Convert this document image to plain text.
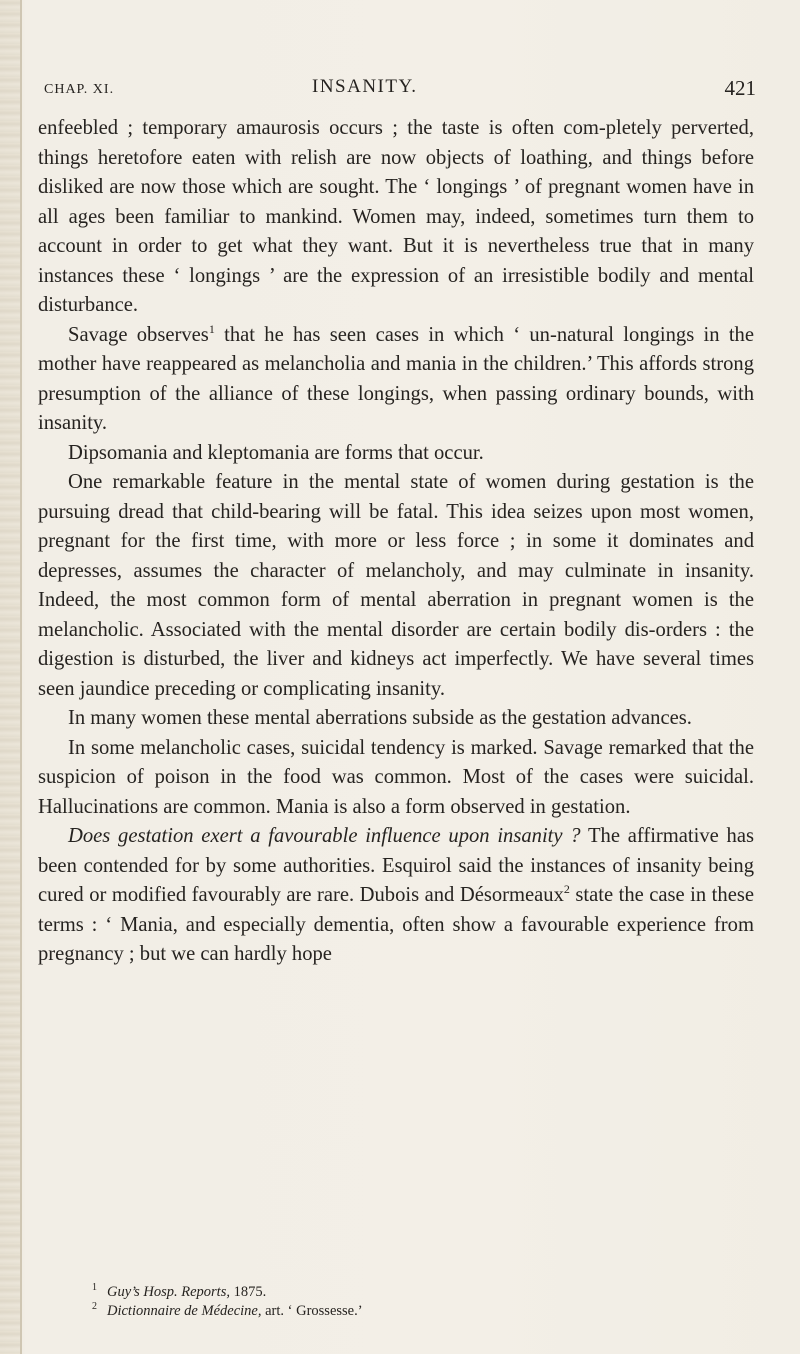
CHAP. XI.	INSANITY.	421

enfeebled ; temporary amaurosis occurs ; the taste is often com-pletely perverted, things heretofore eaten with relish are now objects of loathing, and things before disliked are now those which are sought. The ‘ longings ’ of pregnant women have in all ages been familiar to mankind. Women may, indeed, sometimes turn them to account in order to get what they want. But it is nevertheless true that in many instances these ‘ longings ’ are the expression of an irresistible bodily and mental disturbance.

Savage observes$^1$ that he has seen cases in which ‘ un-natural longings in the mother have reappeared as melancholia and mania in the children.’ This affords strong presumption of the alliance of these longings, when passing ordinary bounds, with insanity.

Dipsomania and kleptomania are forms that occur.

One remarkable feature in the mental state of women during gestation is the pursuing dread that child-bearing will be fatal. This idea seizes upon most women, pregnant for the first time, with more or less force ; in some it dominates and depresses, assumes the character of melancholy, and may culminate in insanity. Indeed, the most common form of mental aberration in pregnant women is the melancholic. Associated with the mental disorder are certain bodily dis-orders : the digestion is disturbed, the liver and kidneys act imperfectly. We have several times seen jaundice preceding or complicating insanity.

In many women these mental aberrations subside as the gestation advances.

In some melancholic cases, suicidal tendency is marked. Savage remarked that the suspicion of poison in the food was common. Most of the cases were suicidal. Hallucinations are common. Mania is also a form observed in gestation.

Does gestation exert a favourable influence upon insanity ? The affirmative has been contended for by some authorities. Esquirol said the instances of insanity being cured or modified favourably are rare. Dubois and Désormeaux$^2$ state the case in these terms : ‘ Mania, and especially dementia, often show a favourable experience from pregnancy ; but we can hardly hope

$^1$ Guy’s Hosp. Reports, 1875.

$^2$ Dictionnaire de Médecine, art. ‘ Grossesse.’
